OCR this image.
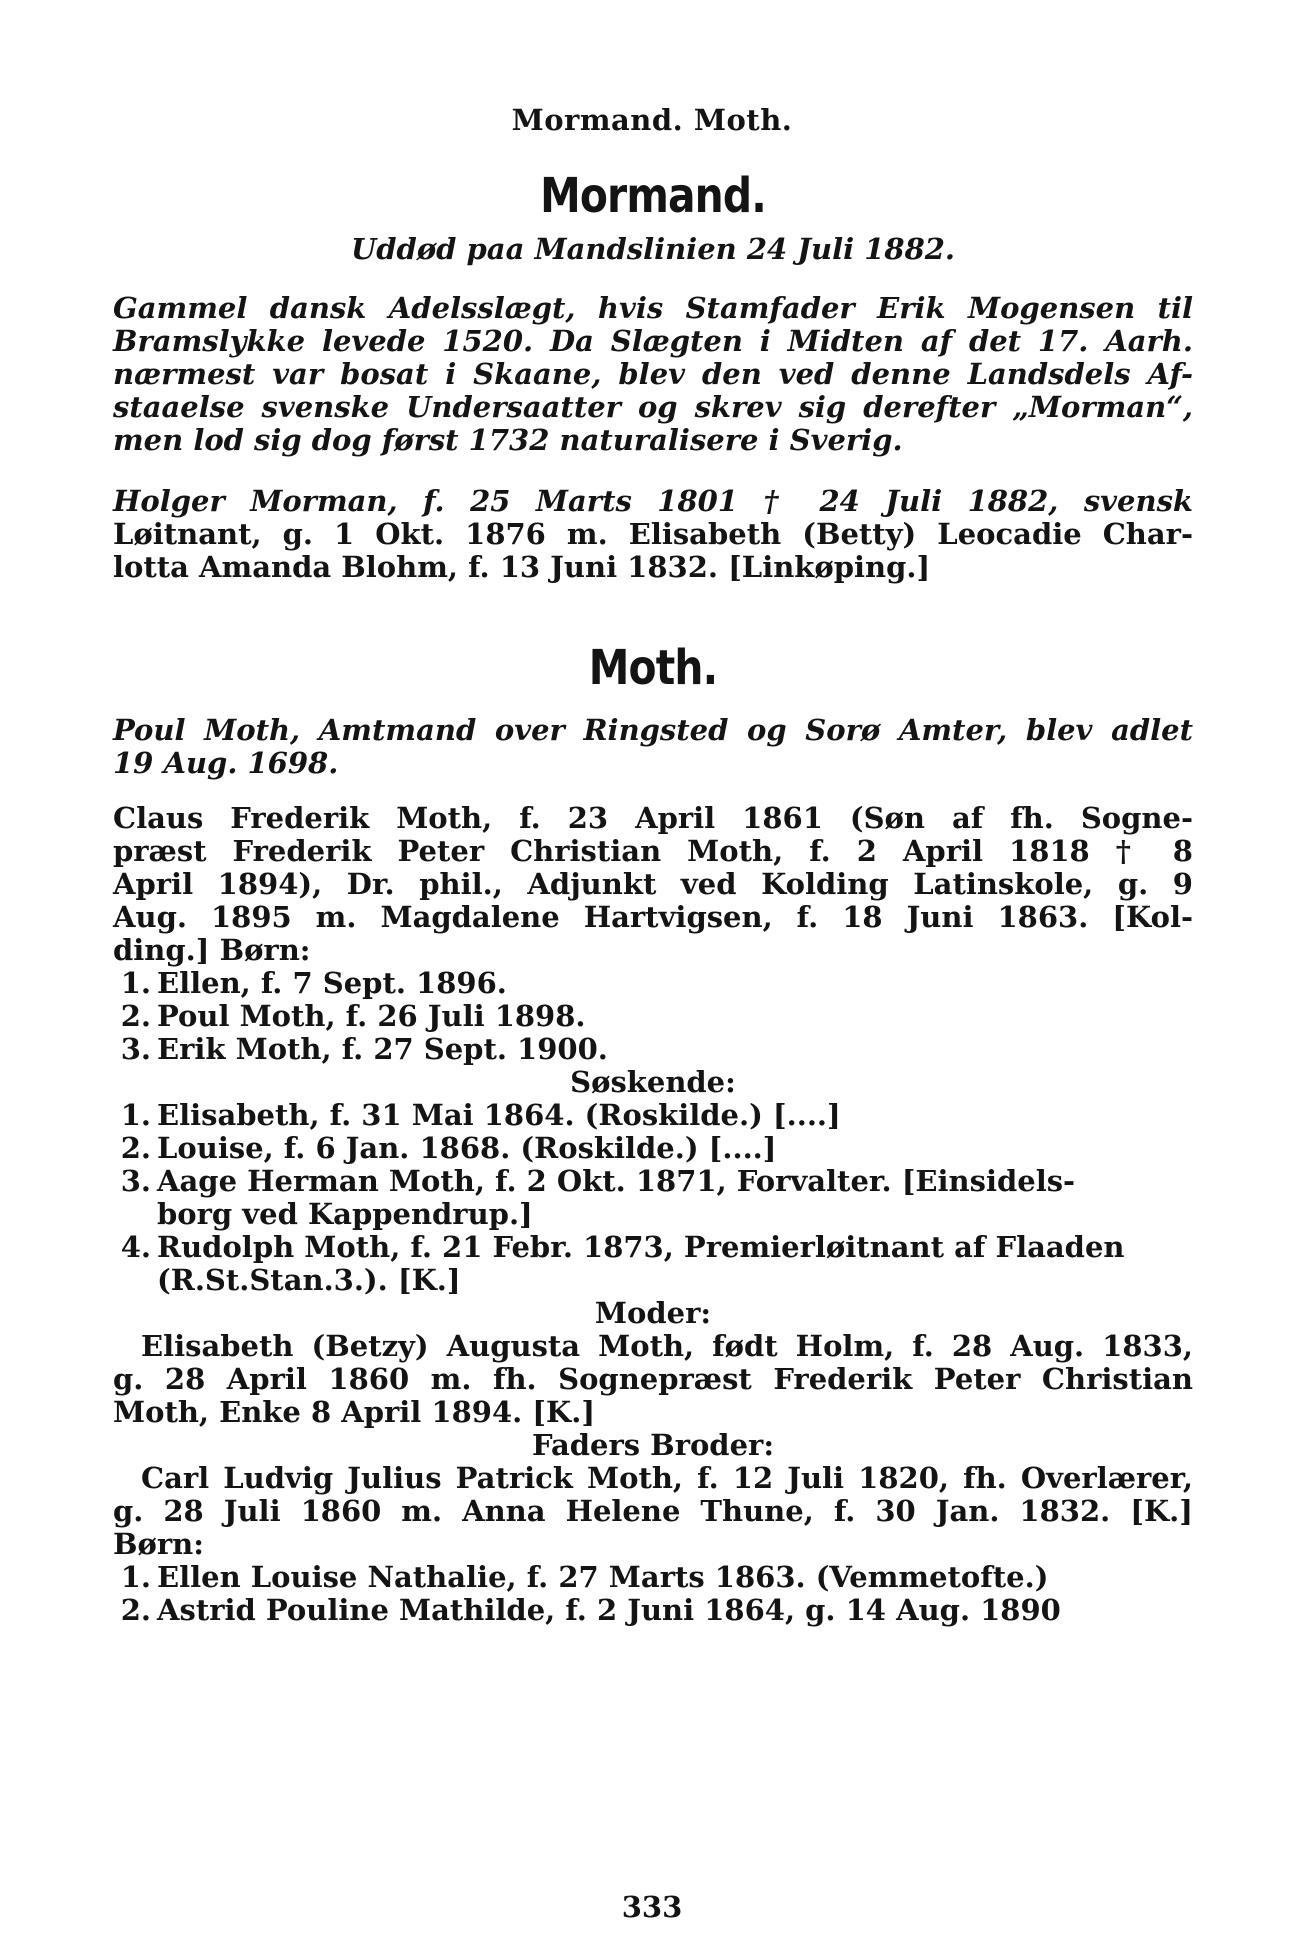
Mormand. Moth.
Mormand.

Uddød paa Mandslinien 24 Juli 1882.

Gammel dansk Adelsslægt, hvis Stamfader Erik Mogensen til
Bramslykke levede 1520. Da Slægten i Midten af det 17. Aarh.
nærmest var bosat i Skaane, blev den ved denne Landsdels Af-
staaelse svenske Undersaatter og skrev sig derefter „Morman“,
men lod sig dog først 1732 naturalisere i Sverig.
Holger Morman, f. 25 Marts 1801 † 24 Juli 1882, svensk
Løitnant, g. 1 Okt. 1876 m. Elisabeth (Betty) Leocadie Char-
lotta Amanda Blohm, f. 13 Juni 1832. [Linkøping.]
Moth.
Poul Moth, Amtmand over Ringsted og Sorø Amter, blev adlet
19 Aug. 1698.
Claus Frederik Moth, f. 23 April 1861 (Søn af fh. Sogne-
præst Frederik Peter Christian Moth, f. 2 April 1818 † 8
April 1894), Dr. phil., Adjunkt ved Kolding Latinskole, g. 9
Aug. 1895 m. Magdalene Hartvigsen, f. 18 Juni 1863. [Kol-
ding.] Børn:
1. Ellen, f. 7 Sept. 1896.
2. Poul Moth, f. 26 Juli 1898.
3. Erik Moth, f. 27 Sept. 1900.
Søskende:
1. Elisabeth, f. 31 Mai 1864. (Roskilde.) [....]
2. Louise, f. 6 Jan. 1868. (Roskilde.) [....]
3. Aage Herman Moth, f. 2 Okt. 1871, Forvalter. [Einsidels-
borg ved Kappendrup.]
4. Rudolph Moth, f. 21 Febr. 1873, Premierløitnant af Flaaden
(R.St.Stan.3.). [K.]
Moder:
Elisabeth (Betzy) Augusta Moth, født Holm, f. 28 Aug. 1833,
g. 28 April 1860 m. fh. Sognepræst Frederik Peter Christian
Moth, Enke 8 April 1894. [K.]
Faders Broder:
Carl Ludvig Julius Patrick Moth, f. 12 Juli 1820, fh. Overlærer,
g. 28 Juli 1860 m. Anna Helene Thune, f. 30 Jan. 1832. [K.]
Børn:
1. Ellen Louise Nathalie, f. 27 Marts 1863. (Vemmetofte.)
2. Astrid Pouline Mathilde, f. 2 Juni 1864, g. 14 Aug. 1890
333
